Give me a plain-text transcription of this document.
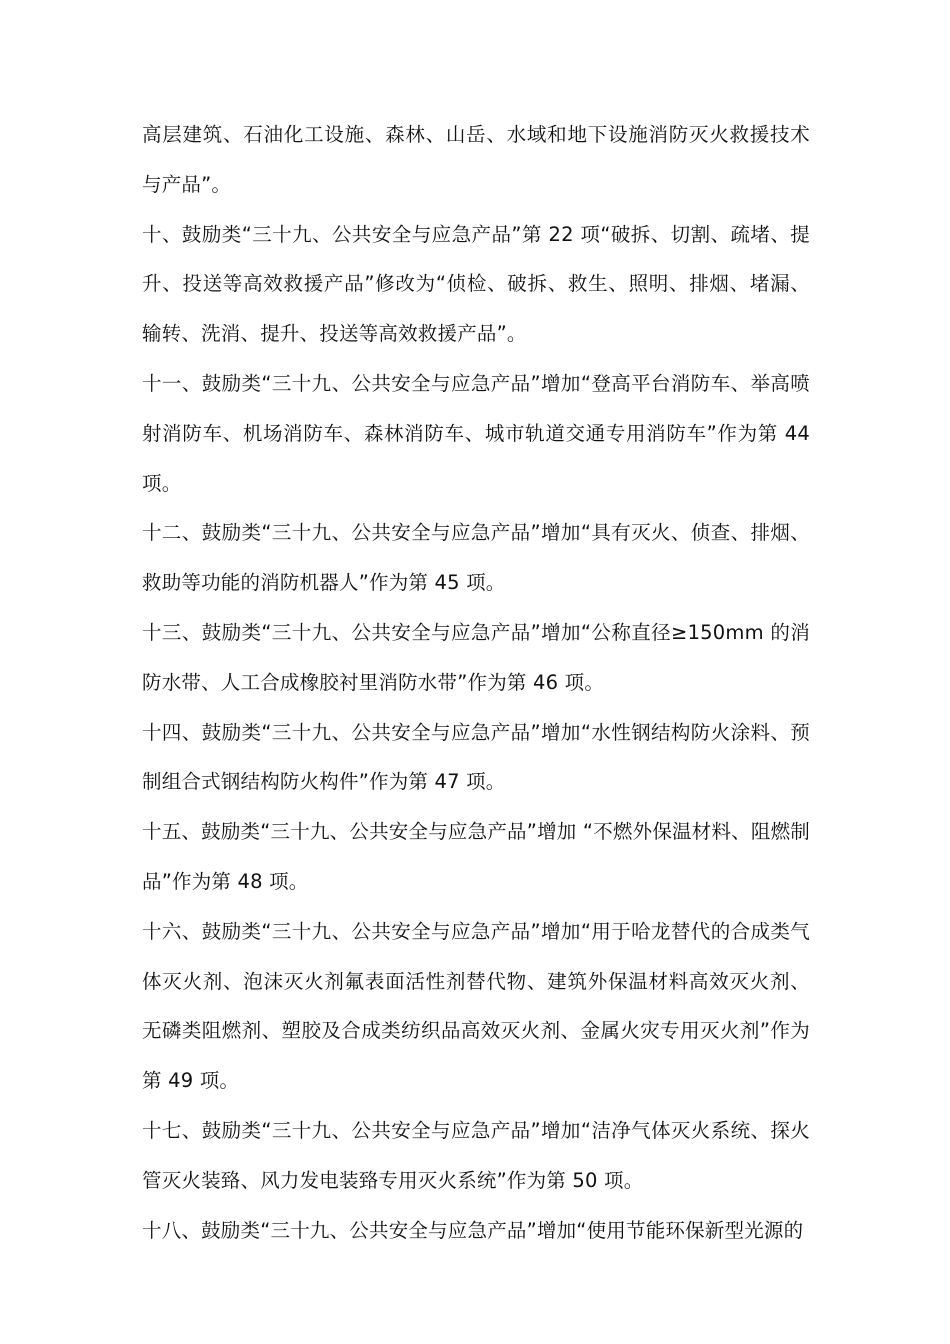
高层建筑、石油化工设施、森林、山岳、水域和地下设施消防灭火救援技术与产品”。

十、鼓励类“三十九、公共安全与应急产品”第 22 项“破拆、切割、疏堵、提升、投送等高效救援产品”修改为“侦检、破拆、救生、照明、排烟、堵漏、输转、洗消、提升、投送等高效救援产品”。

十一、鼓励类“三十九、公共安全与应急产品”增加“登高平台消防车、举高喷射消防车、机场消防车、森林消防车、城市轨道交通专用消防车”作为第 44 项。

十二、鼓励类“三十九、公共安全与应急产品”增加“具有灭火、侦查、排烟、救助等功能的消防机器人”作为第 45 项。

十三、鼓励类“三十九、公共安全与应急产品”增加“公称直径≥150mm 的消防水带、人工合成橡胶衬里消防水带”作为第 46 项。

十四、鼓励类“三十九、公共安全与应急产品”增加“水性钢结构防火涂料、预制组合式钢结构防火构件”作为第 47 项。

十五、鼓励类“三十九、公共安全与应急产品”增加 “不燃外保温材料、阻燃制品”作为第 48 项。

十六、鼓励类“三十九、公共安全与应急产品”增加“用于哈龙替代的合成类气体灭火剂、泡沫灭火剂氟表面活性剂替代物、建筑外保温材料高效灭火剂、无磷类阻燃剂、塑胶及合成类纺织品高效灭火剂、金属火灾专用灭火剂”作为第 49 项。

十七、鼓励类“三十九、公共安全与应急产品”增加“洁净气体灭火系统、探火管灭火装臵、风力发电装臵专用灭火系统”作为第 50 项。

十八、鼓励类“三十九、公共安全与应急产品”增加“使用节能环保新型光源的
